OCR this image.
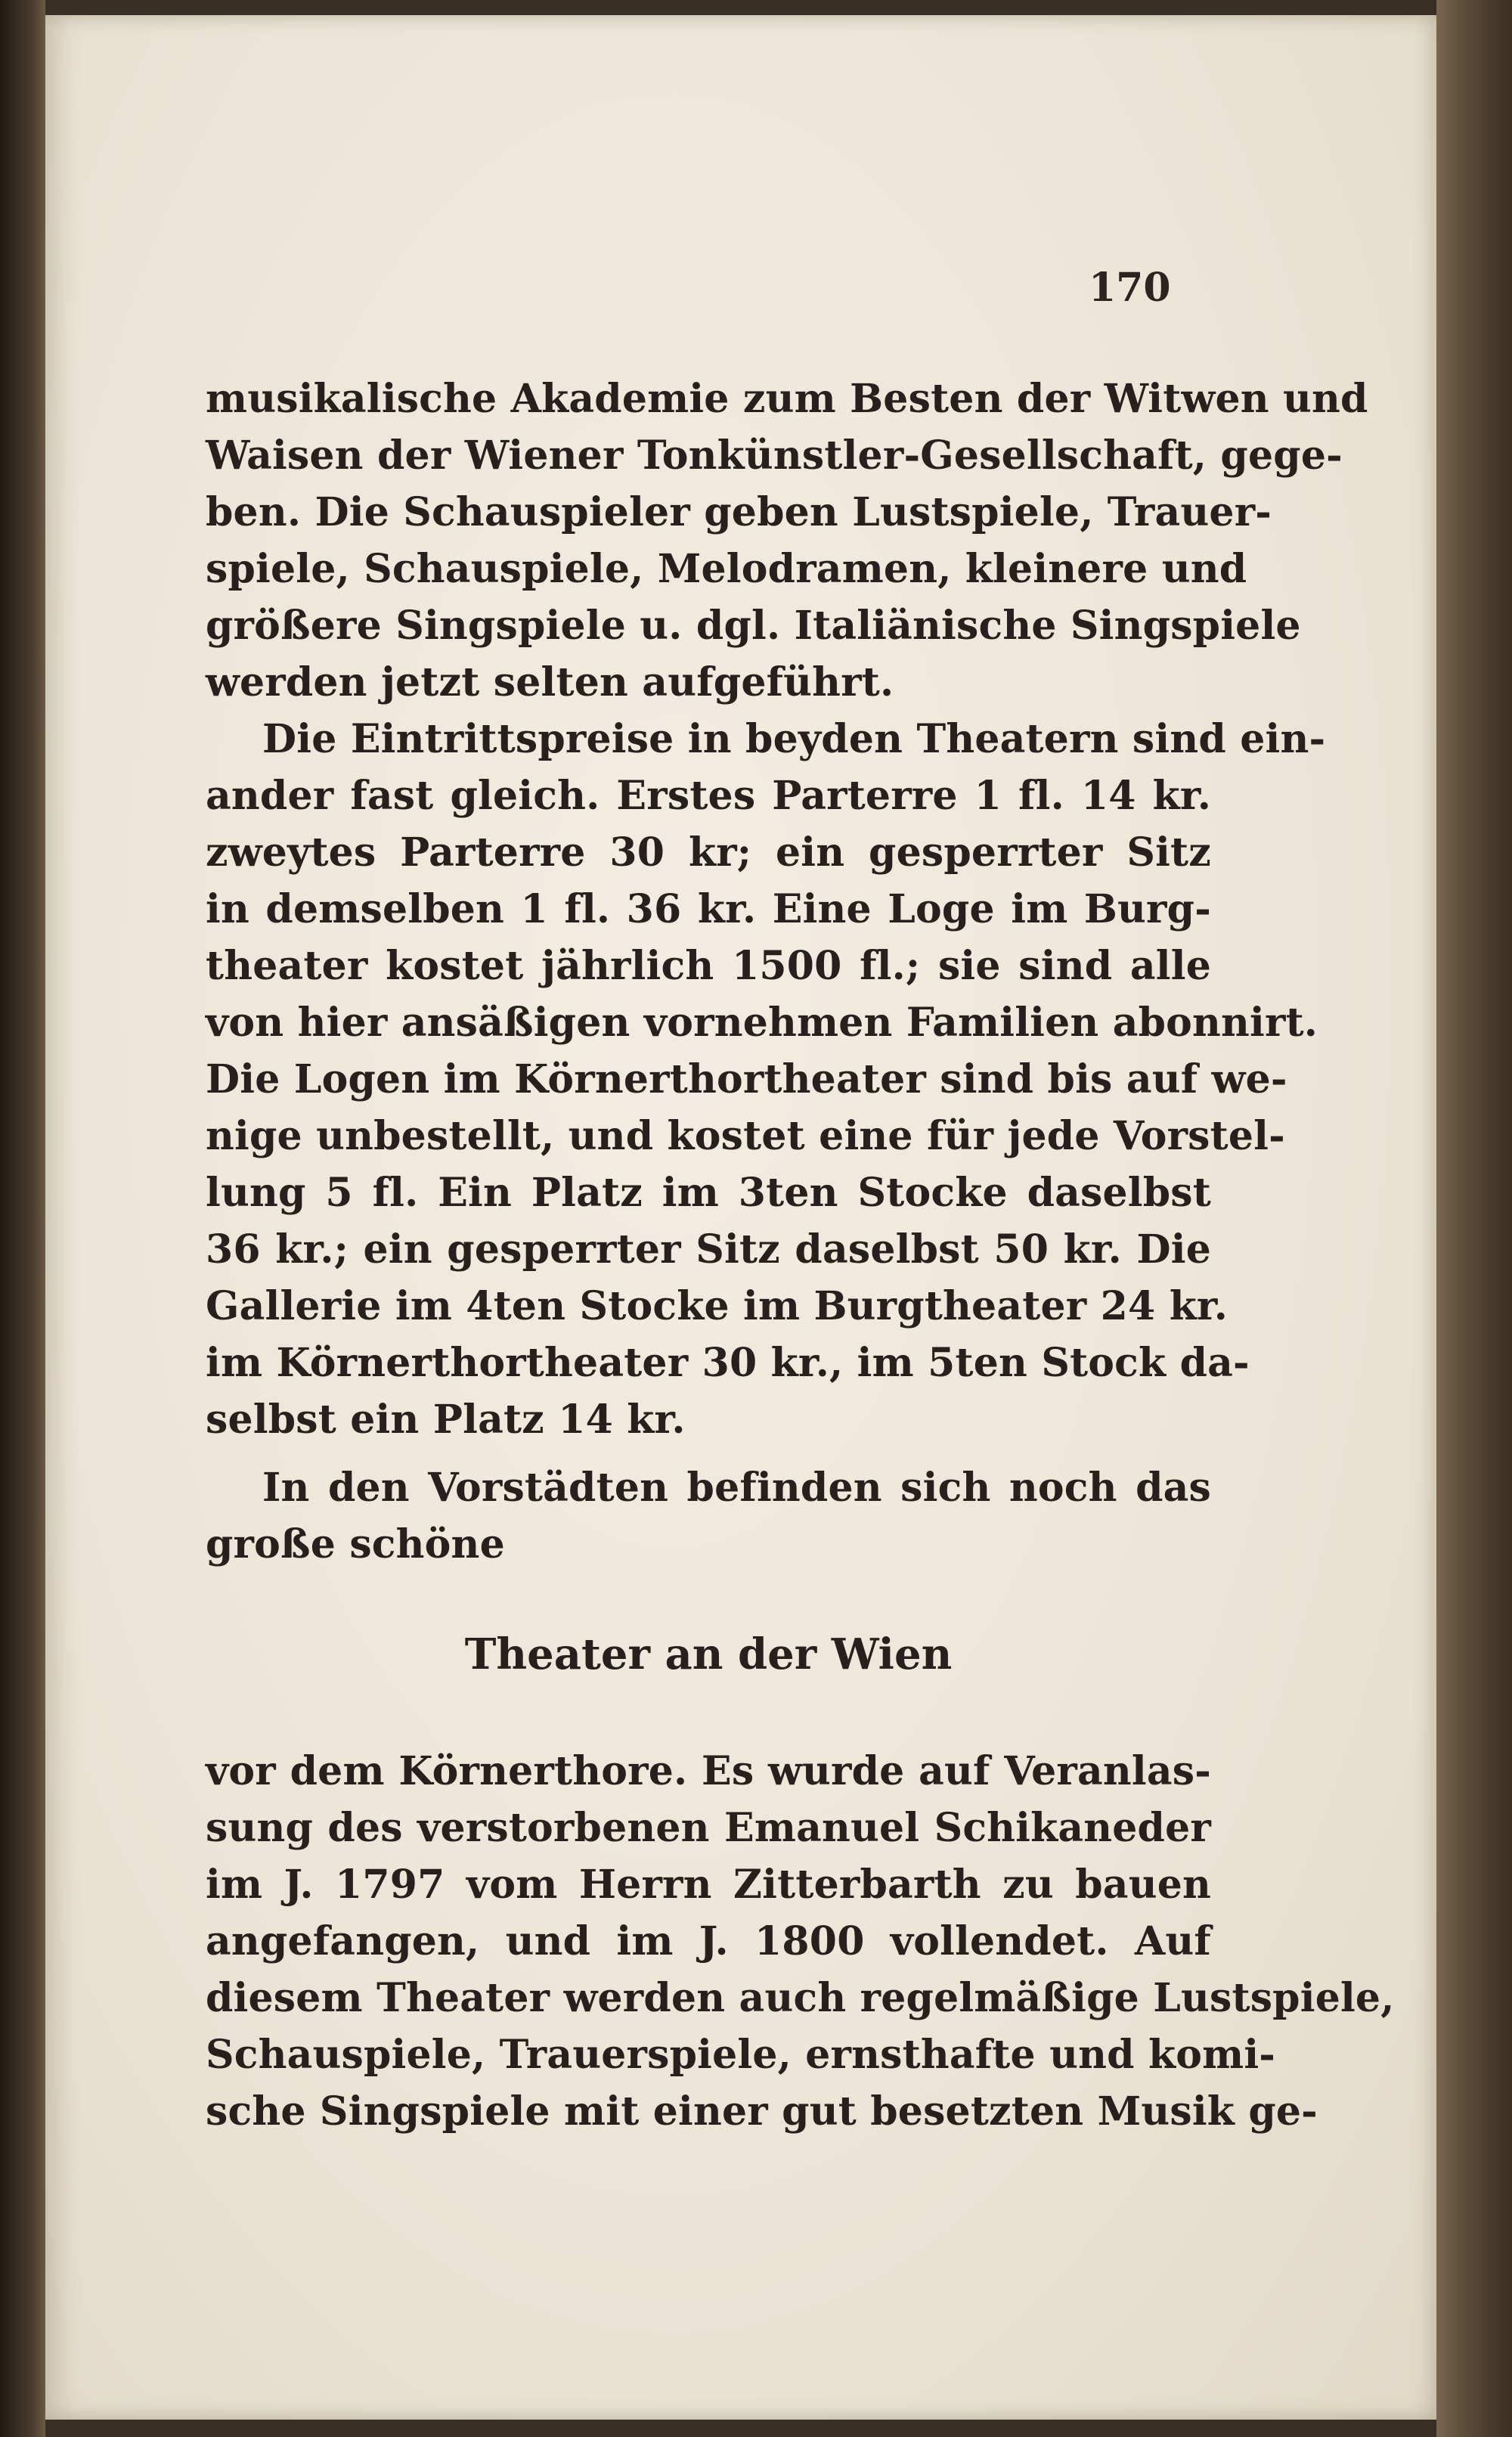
170
musikalische Akademie zum Besten der Witwen und
Waisen der Wiener Tonkünstler-Gesellschaft, gege-
ben. Die Schauspieler geben Lustspiele, Trauer-
spiele, Schauspiele, Melodramen, kleinere und
größere Singspiele u. dgl. Italiänische Singspiele
werden jetzt selten aufgeführt.
Die Eintrittspreise in beyden Theatern sind ein-
ander fast gleich. Erstes Parterre 1 fl. 14 kr.
zweytes Parterre 30 kr; ein gesperrter Sitz
in demselben 1 fl. 36 kr. Eine Loge im Burg-
theater kostet jährlich 1500 fl.; sie sind alle
von hier ansäßigen vornehmen Familien abonnirt.
Die Logen im Körnerthortheater sind bis auf we-
nige unbestellt, und kostet eine für jede Vorstel-
lung 5 fl. Ein Platz im 3ten Stocke daselbst
36 kr.; ein gesperrter Sitz daselbst 50 kr. Die
Gallerie im 4ten Stocke im Burgtheater 24 kr.
im Körnerthortheater 30 kr., im 5ten Stock da-
selbst ein Platz 14 kr.
In den Vorstädten befinden sich noch das
große schöne
Theater an der Wien
vor dem Körnerthore. Es wurde auf Veranlas-
sung des verstorbenen Emanuel Schikaneder
im J. 1797 vom Herrn Zitterbarth zu bauen
angefangen, und im J. 1800 vollendet. Auf
diesem Theater werden auch regelmäßige Lustspiele,
Schauspiele, Trauerspiele, ernsthafte und komi-
sche Singspiele mit einer gut besetzten Musik ge-
